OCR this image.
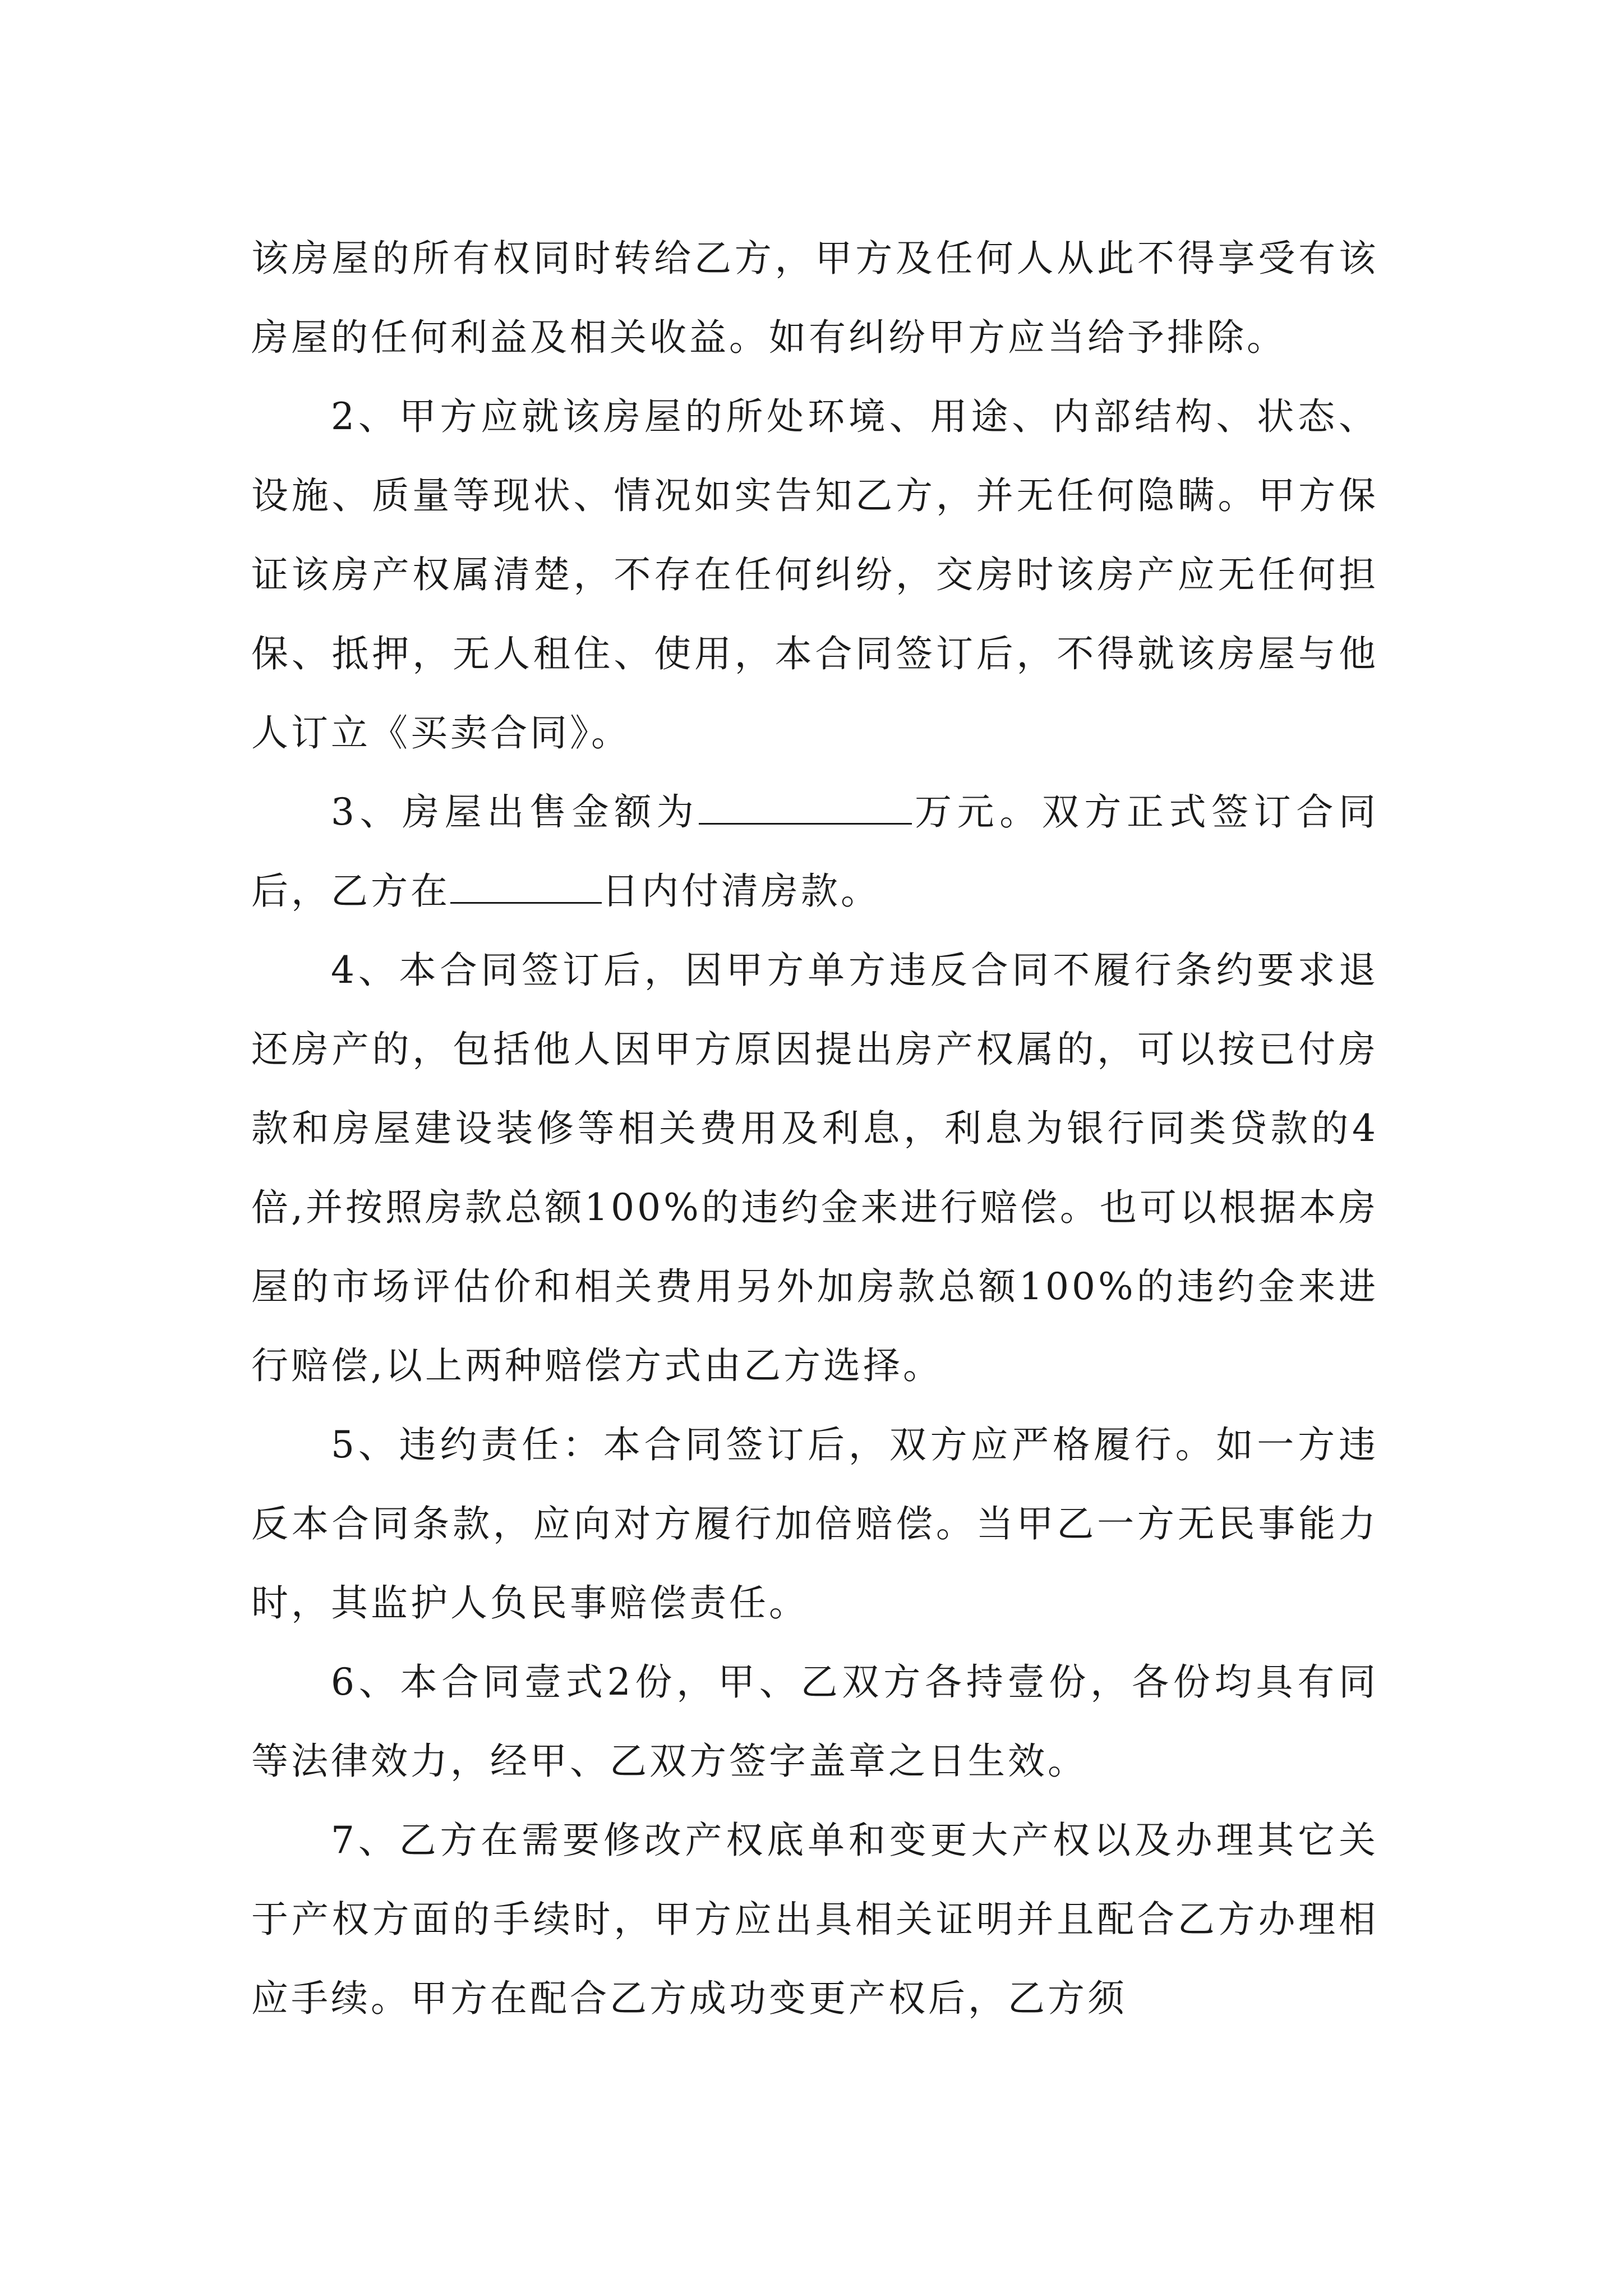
该房屋的所有权同时转给乙方，甲方及任何人从此不得享受有该房屋的任何利益及相关收益。如有纠纷甲方应当给予排除。

2、甲方应就该房屋的所处环境、用途、内部结构、状态、设施、质量等现状、情况如实告知乙方，并无任何隐瞒。甲方保证该房产权属清楚，不存在任何纠纷，交房时该房产应无任何担保、抵押，无人租住、使用，本合同签订后，不得就该房屋与他人订立《买卖合同》。

3、房屋出售金额为	万元。双方正式签订合同后，乙方在	日内付清房款。

4、本合同签订后，因甲方单方违反合同不履行条约要求退还房产的，包括他人因甲方原因提出房产权属的，可以按已付房款和房屋建设装修等相关费用及利息，利息为银行同类贷款的4倍,并按照房款总额100%的违约金来进行赔偿。也可以根据本房屋的市场评估价和相关费用另外加房款总额100%的违约金来进行赔偿,以上两种赔偿方式由乙方选择。

5、违约责任：本合同签订后，双方应严格履行。如一方违反本合同条款，应向对方履行加倍赔偿。当甲乙一方无民事能力时，其监护人负民事赔偿责任。

6、本合同壹式2份，甲、乙双方各持壹份，各份均具有同等法律效力，经甲、乙双方签字盖章之日生效。

7、乙方在需要修改产权底单和变更大产权以及办理其它关于产权方面的手续时，甲方应出具相关证明并且配合乙方办理相应手续。甲方在配合乙方成功变更产权后，乙方须
